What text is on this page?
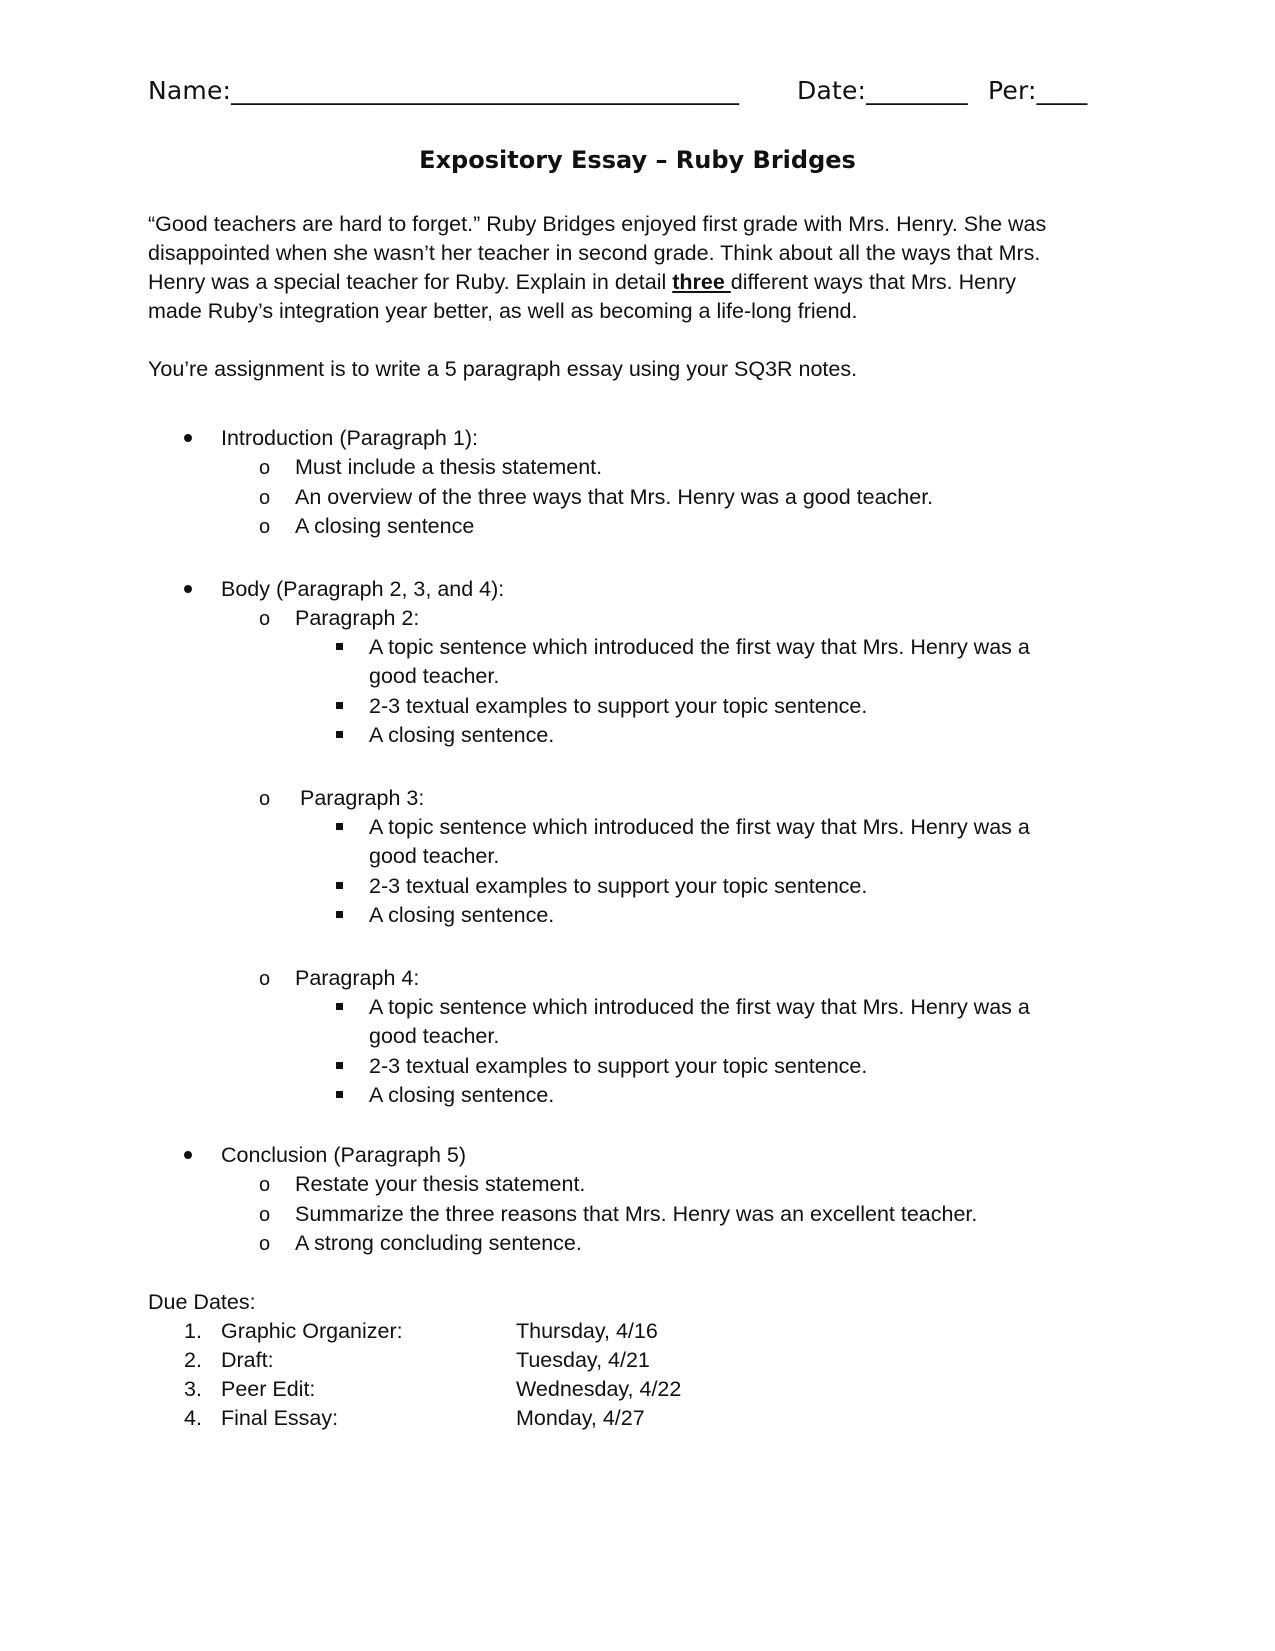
Name:________________________________________ Date:________ Per:____
Expository Essay – Ruby Bridges
“Good teachers are hard to forget.” Ruby Bridges enjoyed first grade with Mrs. Henry. She was
disappointed when she wasn’t her teacher in second grade. Think about all the ways that Mrs.
Henry was a special teacher for Ruby. Explain in detail three different ways that Mrs. Henry
made Ruby’s integration year better, as well as becoming a life-long friend.
You’re assignment is to write a 5 paragraph essay using your SQ3R notes.
Introduction (Paragraph 1):
o Must include a thesis statement.
o An overview of the three ways that Mrs. Henry was a good teacher.
o A closing sentence
Body (Paragraph 2, 3, and 4):
o Paragraph 2:
A topic sentence which introduced the first way that Mrs. Henry was a
good teacher.
2-3 textual examples to support your topic sentence.
A closing sentence.
o Paragraph 3:
A topic sentence which introduced the first way that Mrs. Henry was a
good teacher.
2-3 textual examples to support your topic sentence.
A closing sentence.
o Paragraph 4:
A topic sentence which introduced the first way that Mrs. Henry was a
good teacher.
2-3 textual examples to support your topic sentence.
A closing sentence.
Conclusion (Paragraph 5)
o Restate your thesis statement.
o Summarize the three reasons that Mrs. Henry was an excellent teacher.
o A strong concluding sentence.
Due Dates:
1. Graphic Organizer:	Thursday, 4/16
2. Draft:	Tuesday, 4/21
3. Peer Edit:	Wednesday, 4/22
4. Final Essay:	Monday, 4/27
